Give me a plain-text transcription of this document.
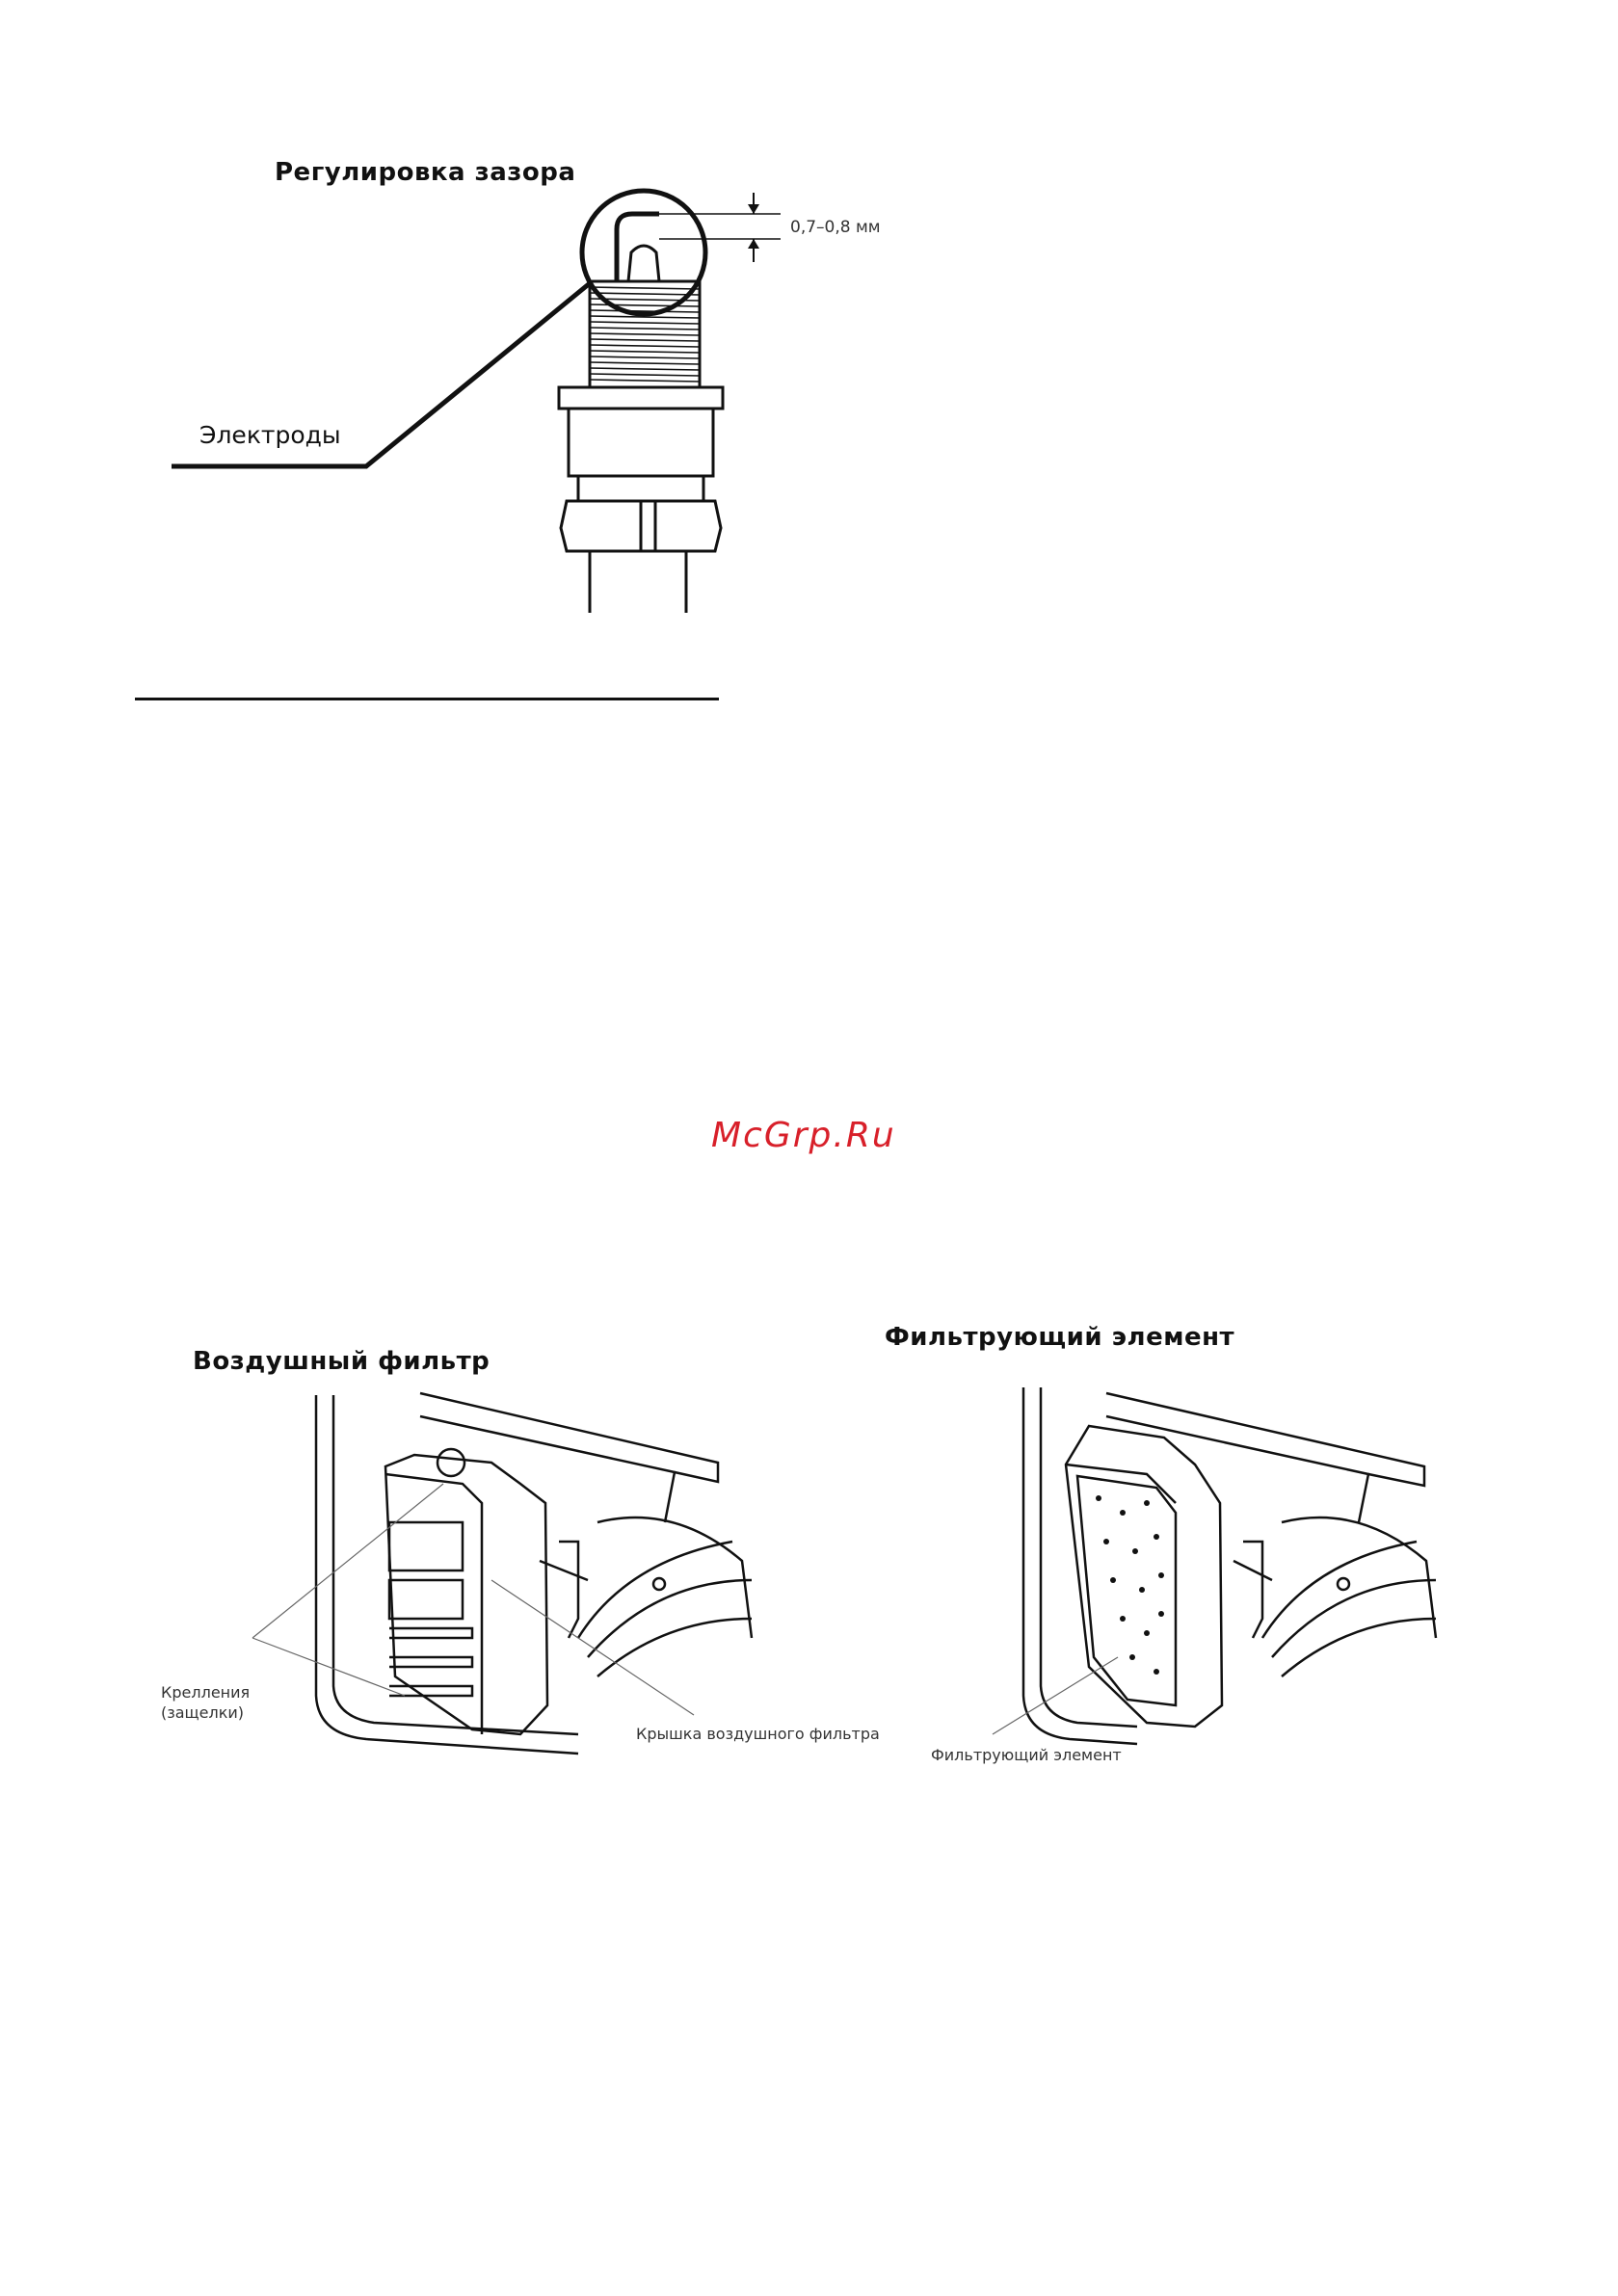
Регулировка зазора
0,7–0,8 мм
Электроды
McGrp.Ru
Воздушный фильтр
Крелления
(защелки)
Крышка воздушного фильтра
Фильтрующий элемент
Фильтрующий элемент
